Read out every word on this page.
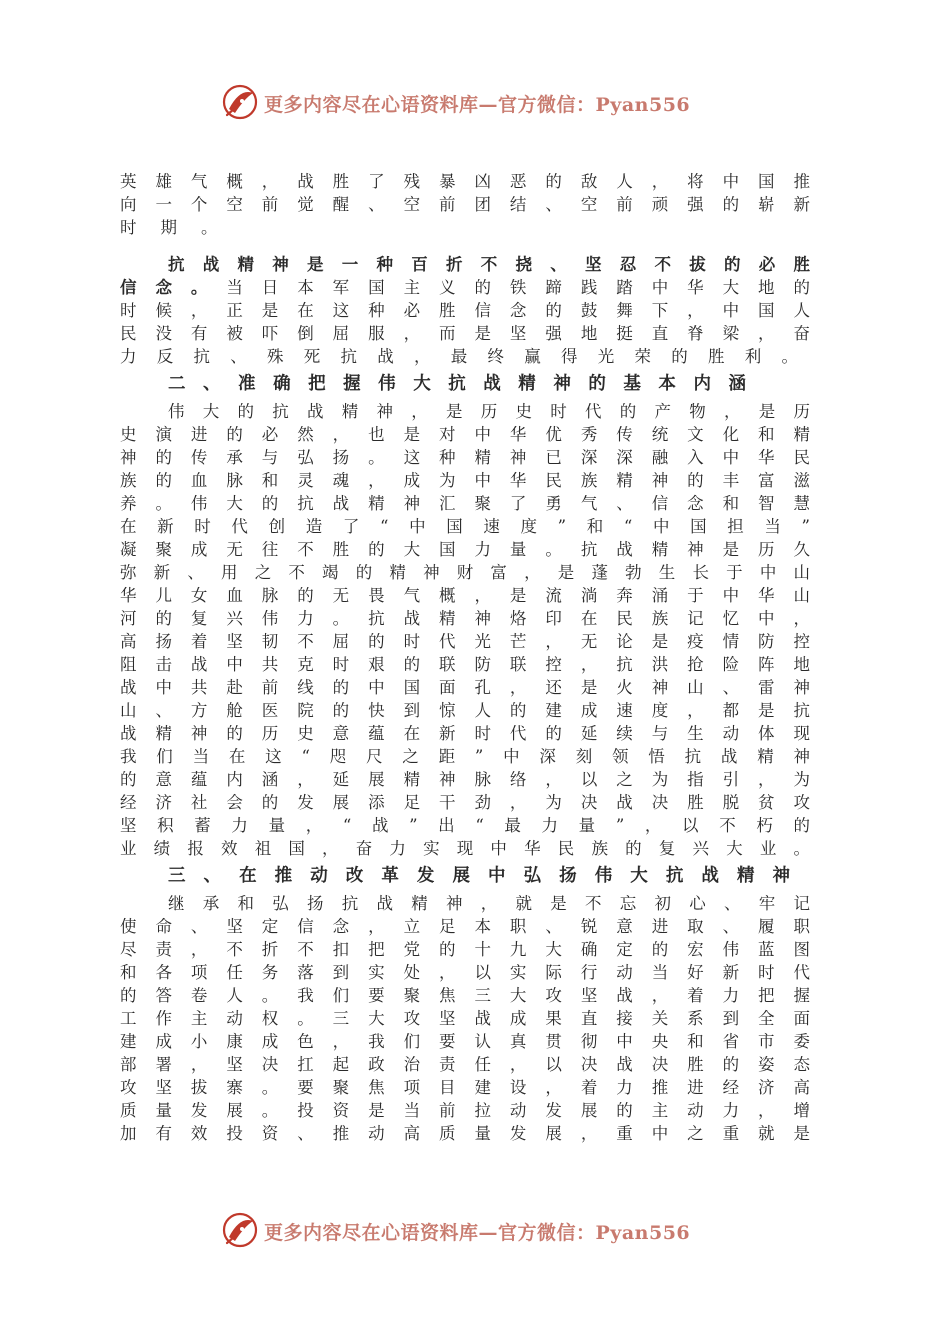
更多内容尽在心语资料库—官方微信：Pyan556
英雄气概，战胜了残暴凶恶的敌人，将中国推
向一个空前觉醒、空前团结、空前顽强的崭新
时期。
抗战精神是一种百折不挠、坚忍不拔的必胜
信念。当日本军国主义的铁蹄践踏中华大地的
时候，正是在这种必胜信念的鼓舞下，中国人
民没有被吓倒屈服，而是坚强地挺直脊梁，奋
力反抗、殊死抗战，最终赢得光荣的胜利。
二、准确把握伟大抗战精神的基本内涵
伟大的抗战精神，是历史时代的产物，是历
史演进的必然，也是对中华优秀传统文化和精
神的传承与弘扬。这种精神已深深融入中华民
族的血脉和灵魂，成为中华民族精神的丰富滋
养。伟大的抗战精神汇聚了勇气、信念和智慧
在新时代创造了“中国速度”和“中国担当”
凝聚成无往不胜的大国力量。抗战精神是历久
弥新、用之不竭的精神财富，是蓬勃生长于中山
华儿女血脉的无畏气概，是流淌奔涌于中华山
河的复兴伟力。抗战精神烙印在民族记忆中，
高扬着坚韧不屈的时代光芒，无论是疫情防控
阻击战中共克时艰的联防联控，抗洪抢险阵地
战中共赴前线的中国面孔，还是火神山、雷神
山、方舱医院的快到惊人的建成速度，都是抗
战精神的历史意蕴在新时代的延续与生动体现
我们当在这“咫尺之距”中深刻领悟抗战精神
的意蕴内涵，延展精神脉络，以之为指引，为
经济社会的发展添足干劲，为决战决胜脱贫攻
坚积蓄力量，“战”出“最力量”，以不朽的
业绩报效祖国，奋力实现中华民族的复兴大业。
三、在推动改革发展中弘扬伟大抗战精神
继承和弘扬抗战精神，就是不忘初心、牢记
使命、坚定信念，立足本职、锐意进取、履职
尽责，不折不扣把党的十九大确定的宏伟蓝图
和各项任务落到实处，以实际行动当好新时代
的答卷人。我们要聚焦三大攻坚战，着力把握
工作主动权。三大攻坚战成果直接关系到全面
建成小康成色，我们要认真贯彻中央和省市委
部署，坚决扛起政治责任，以决战决胜的姿态
攻坚拔寨。要聚焦项目建设，着力推进经济高
质量发展。投资是当前拉动发展的主动力，增
加有效投资、推动高质量发展，重中之重就是
更多内容尽在心语资料库—官方微信：Pyan556
